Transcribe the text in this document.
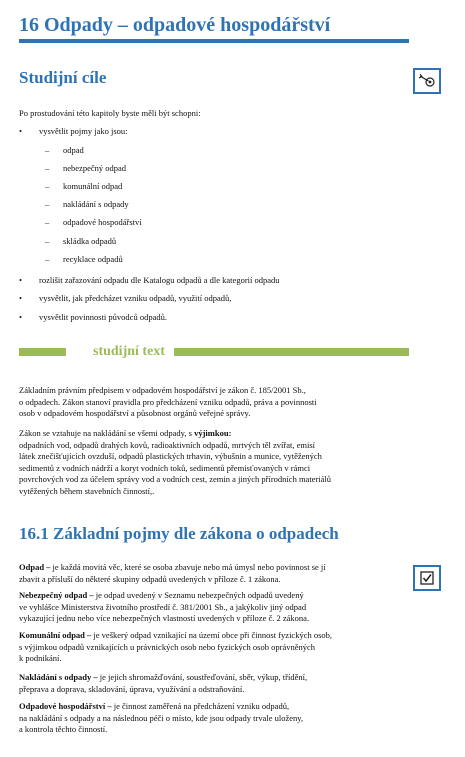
16 Odpady – odpadové hospodářství
Studijní cíle
Po prostudování této kapitoly byste měli být schopni:
•	vysvětlit pojmy jako jsou:
– odpad
– nebezpečný odpad
– komunální odpad
– nakládání s odpady
– odpadové hospodářství
– skládka odpadů
– recyklace odpadů
•	rozlišit zařazování odpadu dle Katalogu odpadů a dle kategorií odpadu
•	vysvětlit, jak předcházet vzniku odpadů, využití odpadů,
•	vysvětlit povinnosti původců odpadů.
studijní text
Základním právním předpisem v odpadovém hospodářství je zákon č. 185/2001 Sb.,
o odpadech. Zákon stanoví pravidla pro předcházení vzniku odpadů, práva a povinnosti
osob v odpadovém hospodářství a působnost orgánů veřejné správy.
Zákon se vztahuje na nakládání se všemi odpady, s výjimkou:
odpadních vod, odpadů drahých kovů, radioaktivních odpadů, mrtvých těl zvířat, emisí
látek znečišťujících ovzduší, odpadů plastických trhavin, výbušnin a munice, vytěžených
sedimentů z vodních nádrží a koryt vodních toků, sedimentů přemisťovaných v rámci
povrchových vod za účelem správy vod a vodních cest, zemin a jiných přírodních materiálů
vytěžených během stavebních činností,.
16.1 Základní pojmy dle zákona o odpadech
Odpad – je každá movitá věc, které se osoba zbavuje nebo má úmysl nebo povinnost se jí
zbavit a přísluší do některé skupiny odpadů uvedených v příloze č. 1 zákona.
Nebezpečný odpad – je odpad uvedený v Seznamu nebezpečných odpadů uvedený
ve vyhlášce Ministerstva životního prostředí č. 381/2001 Sb., a jakýkoliv jiný odpad
vykazující jednu nebo více nebezpečných vlastností uvedených v příloze č. 2 zákona.
Komunální odpad – je veškerý odpad vznikající na území obce při činnost fyzických osob,
s výjimkou odpadů vznikajících u právnických osob nebo fyzických osob oprávněných
k podnikání.
Nakládání s odpady – je jejich shromažďování, soustřeďování, sběr, výkup, třídění,
přeprava a doprava, skladování, úprava, využívání a odstraňování.
Odpadové hospodářství – je činnost zaměřená na předcházení vzniku odpadů,
na nakládání s odpady a na následnou péči o místo, kde jsou odpady trvale uloženy,
a kontrola těchto činností.
